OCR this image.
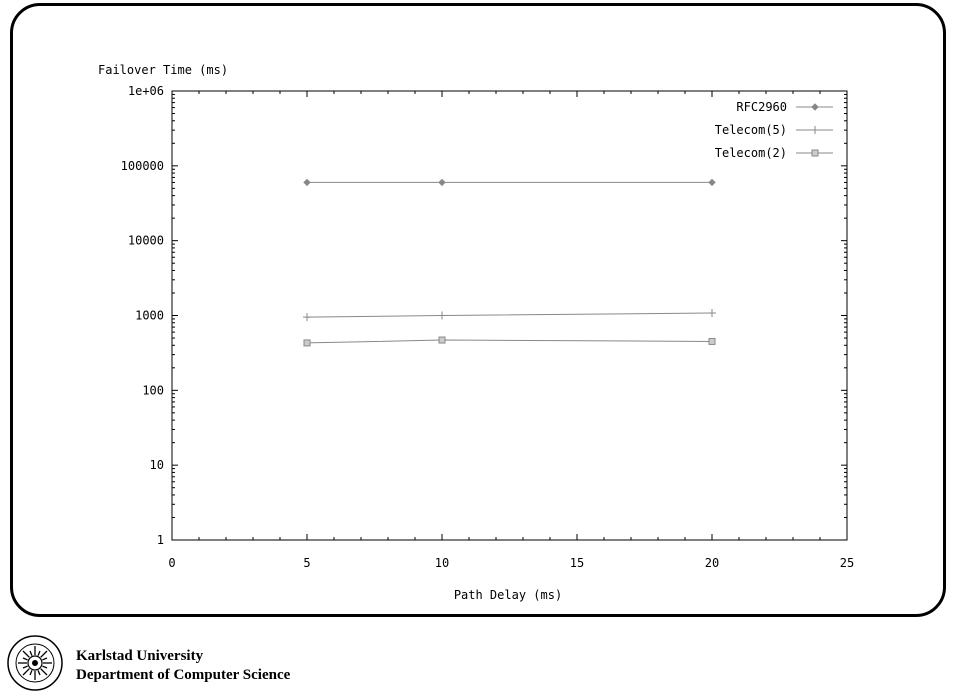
0	5	10	15	20	25
1
10
100
1000
10000
100000
1e+06
RFC2960
Telecom(5)
Telecom(2)
Failover Time (ms)
Path Delay (ms)
Karlstad University
Department of Computer Science
